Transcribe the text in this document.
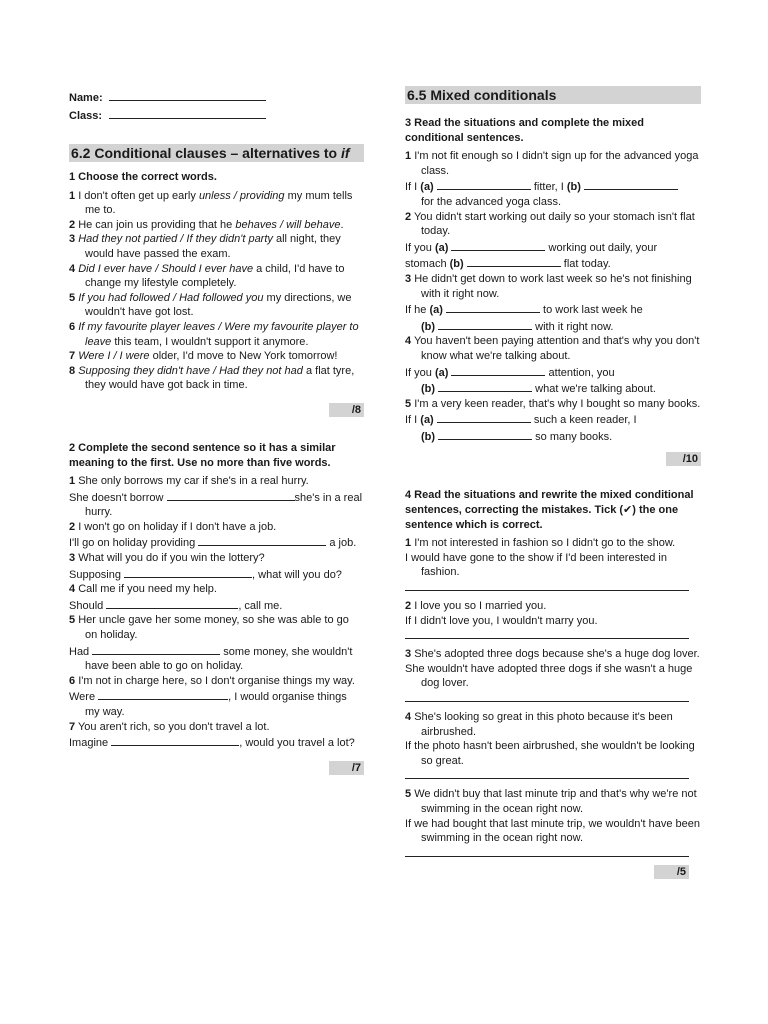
Name:
Class:
6.2 Conditional clauses – alternatives to if
1 Choose the correct words.
1 I don't often get up early unless / providing my mum tells me to.
2 He can join us providing that he behaves / will behave.
3 Had they not partied / If they didn't party all night, they would have passed the exam.
4 Did I ever have / Should I ever have a child, I'd have to change my lifestyle completely.
5 If you had followed / Had followed you my directions, we wouldn't have got lost.
6 If my favourite player leaves / Were my favourite player to leave this team, I wouldn't support it anymore.
7 Were I / I were older, I'd move to New York tomorrow!
8 Supposing they didn't have / Had they not had a flat tyre, they would have got back in time.
/8
2 Complete the second sentence so it has a similar meaning to the first. Use no more than five words.
1 She only borrows my car if she's in a real hurry.
She doesn't borrow	she's in a real hurry.
2 I won't go on holiday if I don't have a job.
I'll go on holiday providing	a job.
3 What will you do if you win the lottery?
Supposing	, what will you do?
4 Call me if you need my help.
Should	, call me.
5 Her uncle gave her some money, so she was able to go on holiday.
Had	some money, she wouldn't have been able to go on holiday.
6 I'm not in charge here, so I don't organise things my way.
Were	, I would organise things my way.
7 You aren't rich, so you don't travel a lot.
Imagine	, would you travel a lot?
/7
6.5 Mixed conditionals
3 Read the situations and complete the mixed conditional sentences.
1 I'm not fit enough so I didn't sign up for the advanced yoga class.
If I (a)	fitter, I (b)
for the advanced yoga class.
2 You didn't start working out daily so your stomach isn't flat today.
If you (a)	working out daily, your stomach (b)	flat today.
3 He didn't get down to work last week so he's not finishing with it right now.
If he (a)	to work last week he
(b)	with it right now.
4 You haven't been paying attention and that's why you don't know what we're talking about.
If you (a)	attention, you
(b)	what we're talking about.
5 I'm a very keen reader, that's why I bought so many books.
If I (a)	such a keen reader, I
(b)	so many books.
/10
4 Read the situations and rewrite the mixed conditional sentences, correcting the mistakes. Tick (✔) the one sentence which is correct.
1 I'm not interested in fashion so I didn't go to the show.
I would have gone to the show if I'd been interested in fashion.
2 I love you so I married you.
If I didn't love you, I wouldn't marry you.
3 She's adopted three dogs because she's a huge dog lover.
She wouldn't have adopted three dogs if she wasn't a huge dog lover.
4 She's looking so great in this photo because it's been airbrushed.
If the photo hasn't been airbrushed, she wouldn't be looking so great.
5 We didn't buy that last minute trip and that's why we're not swimming in the ocean right now.
If we had bought that last minute trip, we wouldn't have been swimming in the ocean right now.
/5
